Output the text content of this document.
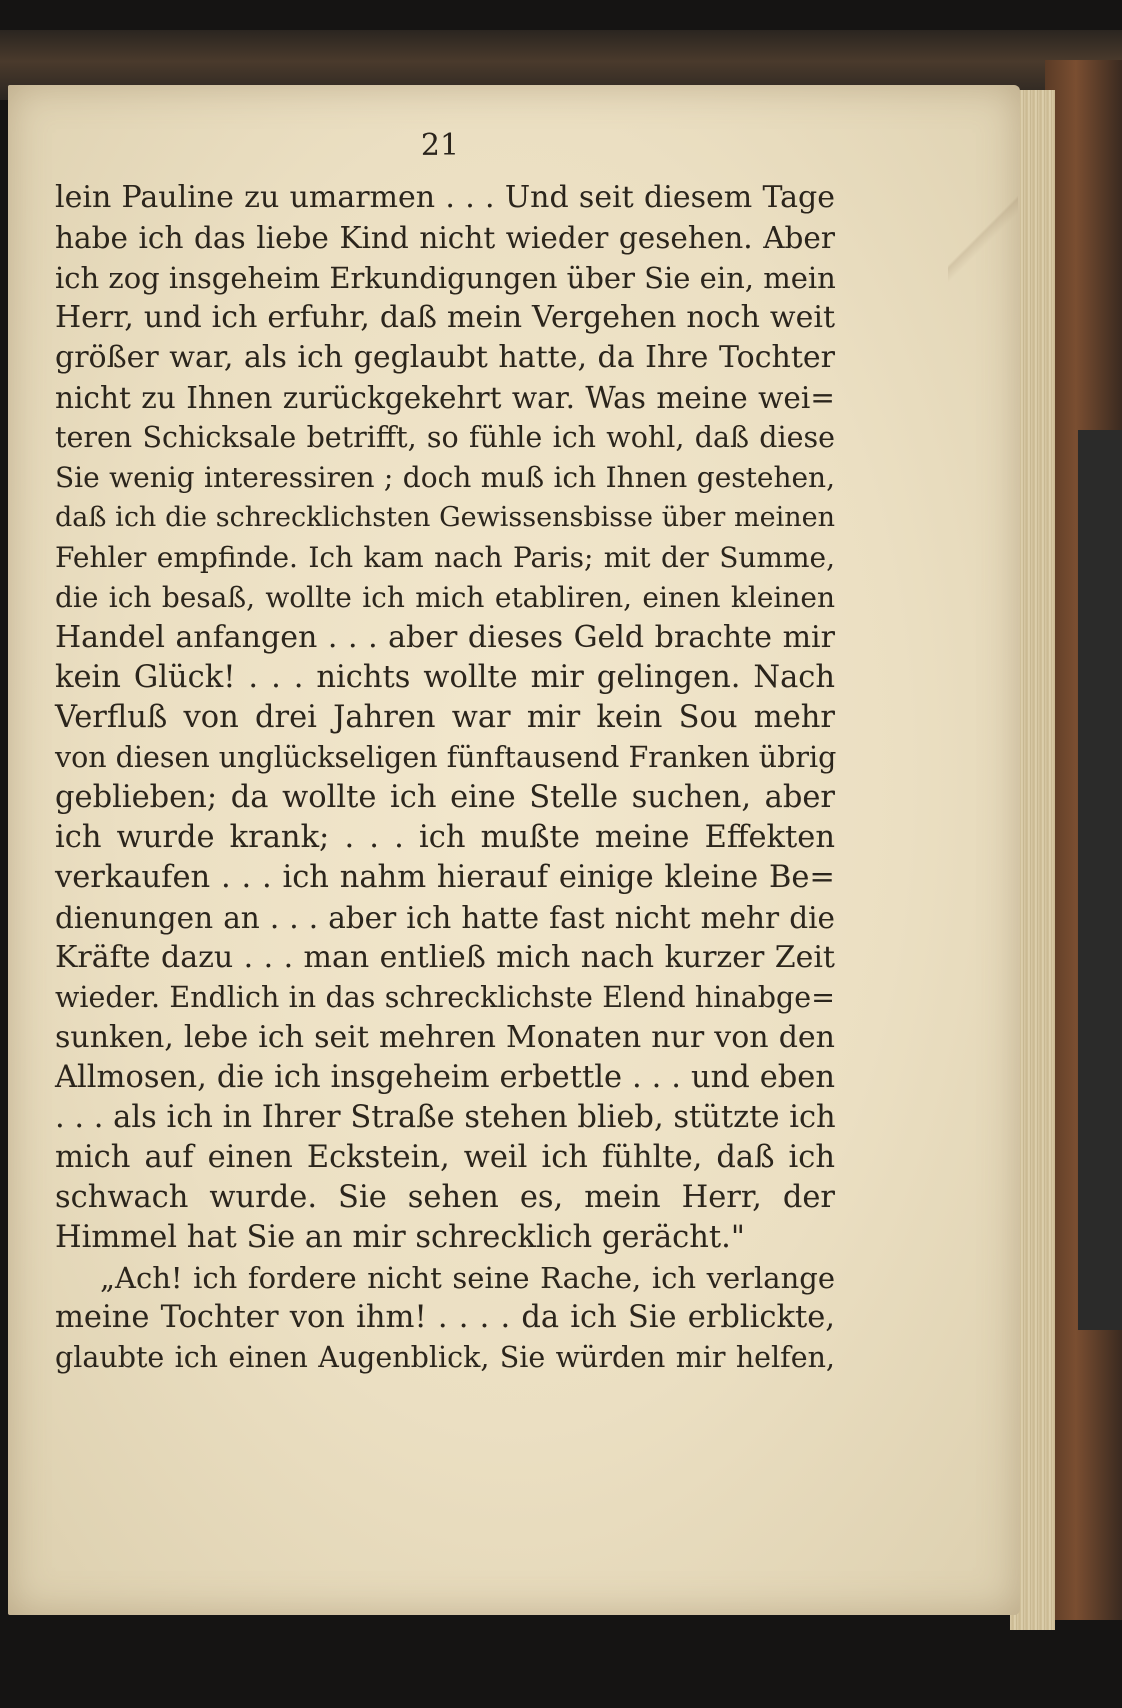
21
lein Pauline zu umarmen . . . Und seit diesem Tage
habe ich das liebe Kind nicht wieder gesehen. Aber
ich zog insgeheim Erkundigungen über Sie ein, mein
Herr, und ich erfuhr, daß mein Vergehen noch weit
größer war, als ich geglaubt hatte, da Ihre Tochter
nicht zu Ihnen zurückgekehrt war. Was meine wei=
teren Schicksale betrifft, so fühle ich wohl, daß diese
Sie wenig interessiren ; doch muß ich Ihnen gestehen,
daß ich die schrecklichsten Gewissensbisse über meinen
Fehler empfinde. Ich kam nach Paris; mit der Summe,
die ich besaß, wollte ich mich etabliren, einen kleinen
Handel anfangen . . . aber dieses Geld brachte mir
kein Glück! . . . nichts wollte mir gelingen. Nach
Verfluß von drei Jahren war mir kein Sou mehr
von diesen unglückseligen fünftausend Franken übrig
geblieben; da wollte ich eine Stelle suchen, aber
ich wurde krank; . . . ich mußte meine Effekten
verkaufen . . . ich nahm hierauf einige kleine Be=
dienungen an . . . aber ich hatte fast nicht mehr die
Kräfte dazu . . . man entließ mich nach kurzer Zeit
wieder. Endlich in das schrecklichste Elend hinabge=
sunken, lebe ich seit mehren Monaten nur von den
Allmosen, die ich insgeheim erbettle . . . und eben
. . . als ich in Ihrer Straße stehen blieb, stützte ich
mich auf einen Eckstein, weil ich fühlte, daß ich
schwach wurde. Sie sehen es, mein Herr, der
Himmel hat Sie an mir schrecklich gerächt."
„Ach! ich fordere nicht seine Rache, ich verlange
meine Tochter von ihm! . . . . da ich Sie erblickte,
glaubte ich einen Augenblick, Sie würden mir helfen,
